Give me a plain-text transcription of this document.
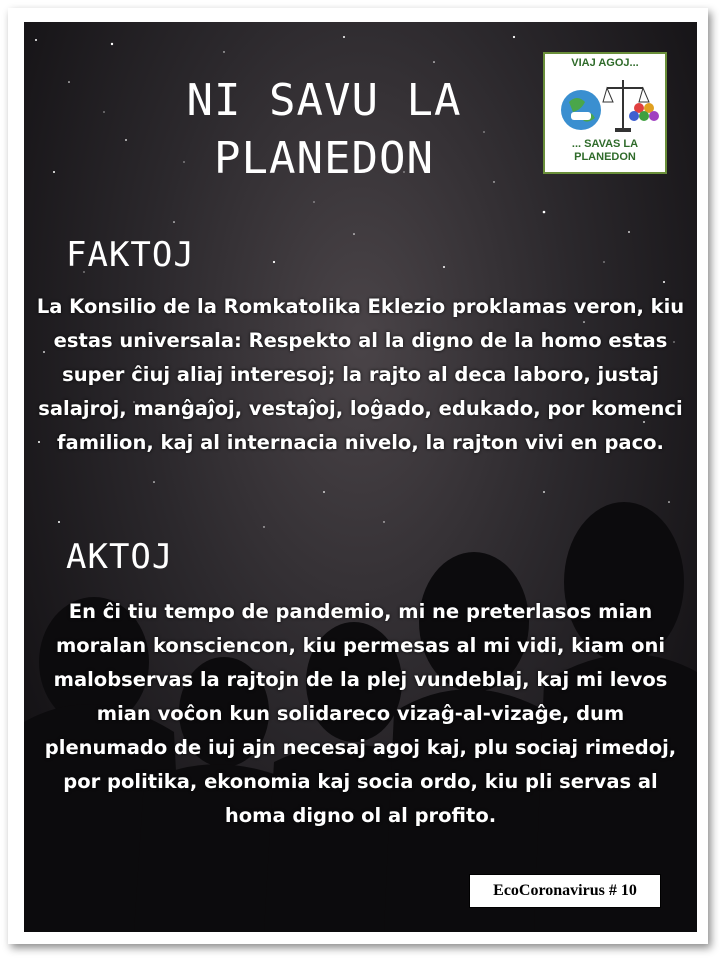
NI SAVU LA PLANEDON
VIAJ AGOJ...
... SAVAS LA PLANEDON
FAKTOJ
La Konsilio de la Romkatolika Eklezio proklamas veron, kiu estas universala: Respekto al la digno de la homo estas super ĉiuj aliaj interesoj; la rajto al deca laboro, justaj salajroj, manĝaĵoj, vestaĵoj, loĝado, edukado, por komenci familion, kaj al internacia nivelo, la rajton vivi en paco.
AKTOJ
En ĉi tiu tempo de pandemio, mi ne preterlasos mian moralan konsciencon, kiu permesas al mi vidi, kiam oni malobservas la rajtojn de la plej vundeblaj, kaj mi levos mian voĉon kun solidareco vizaĝ-al-vizaĝe, dum plenumado de iuj ajn necesaj agoj kaj, plu sociaj rimedoj, por politika, ekonomia kaj socia ordo, kiu pli servas al homa digno ol al profito.
EcoCoronavirus # 10
